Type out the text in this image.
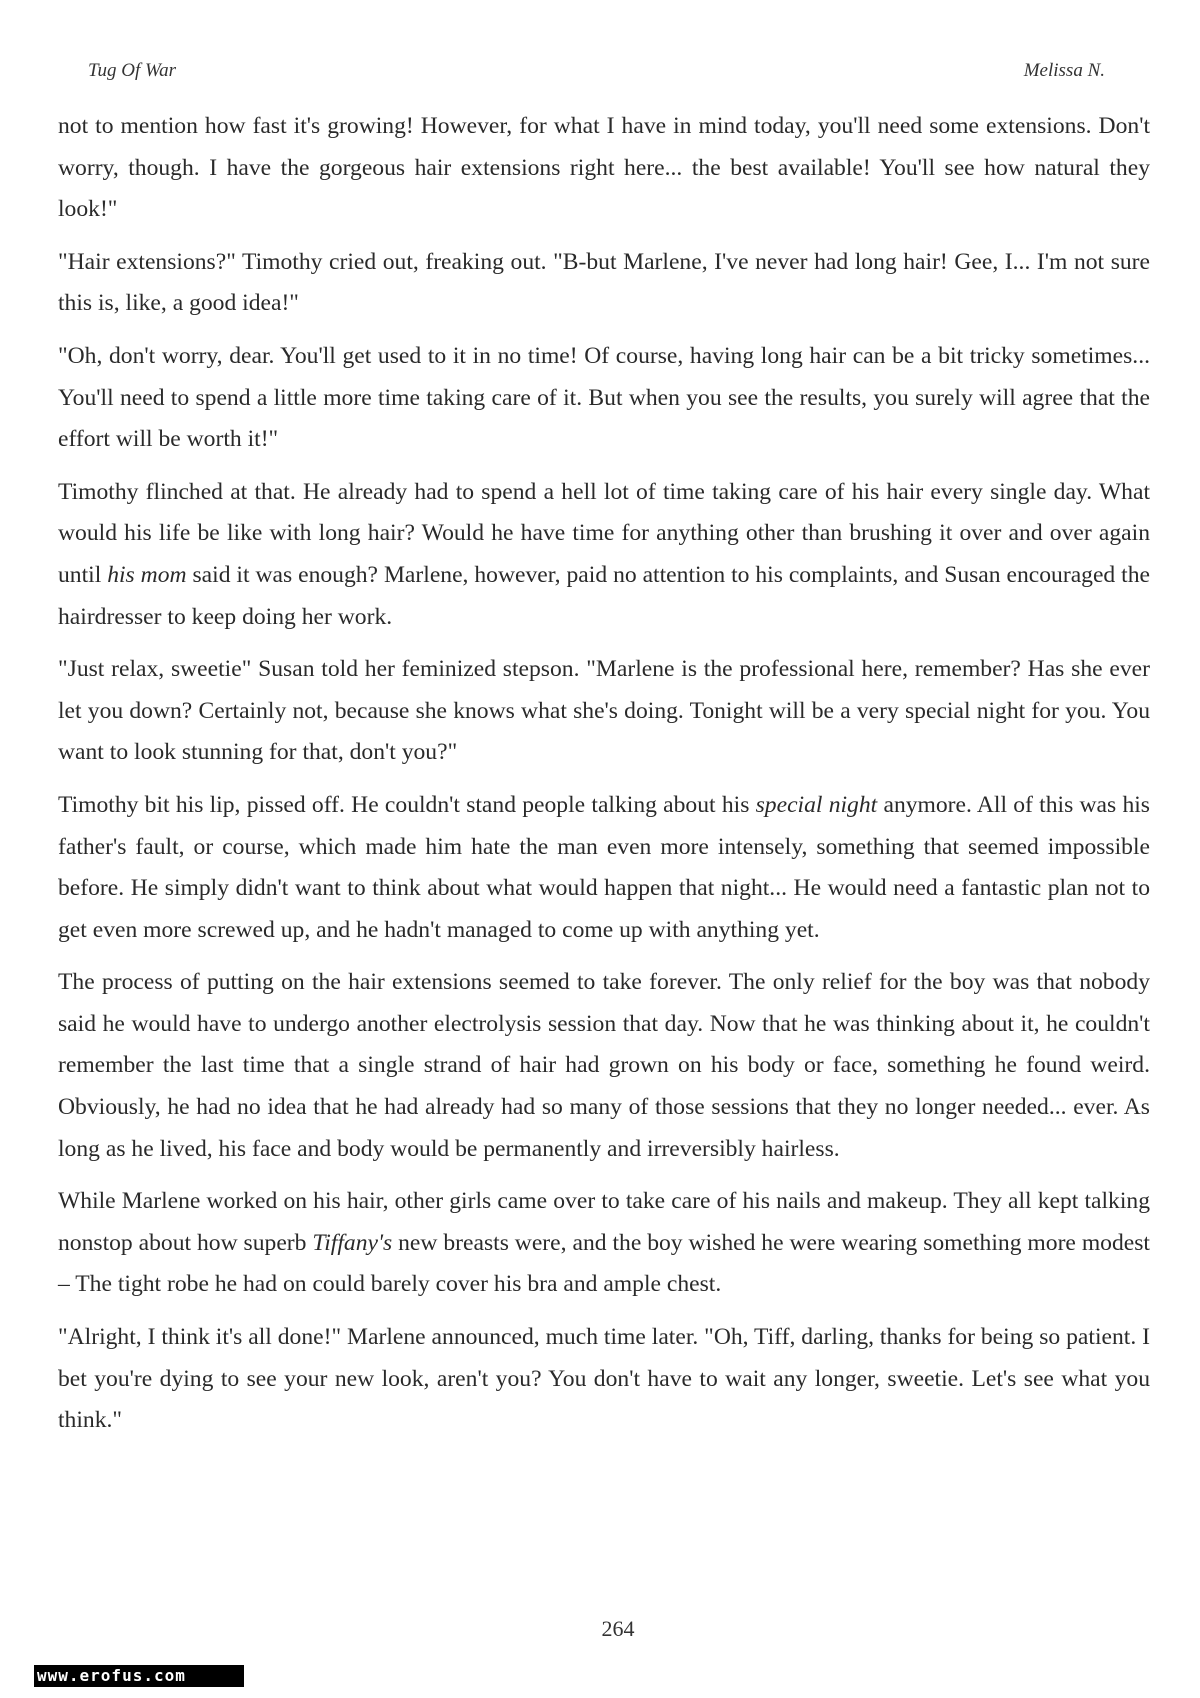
Tug Of War	Melissa N.

not to mention how fast it's growing! However, for what I have in mind today, you'll need some extensions. Don't worry, though. I have the gorgeous hair extensions right here... the best available! You'll see how natural they look!"

"Hair extensions?" Timothy cried out, freaking out. "B-but Marlene, I've never had long hair! Gee, I... I'm not sure this is, like, a good idea!"

"Oh, don't worry, dear. You'll get used to it in no time! Of course, having long hair can be a bit tricky sometimes... You'll need to spend a little more time taking care of it. But when you see the results, you surely will agree that the effort will be worth it!"

Timothy flinched at that. He already had to spend a hell lot of time taking care of his hair every single day. What would his life be like with long hair? Would he have time for anything other than brushing it over and over again until his mom said it was enough? Marlene, however, paid no attention to his complaints, and Susan encouraged the hairdresser to keep doing her work.

"Just relax, sweetie" Susan told her feminized stepson. "Marlene is the professional here, remember? Has she ever let you down? Certainly not, because she knows what she's doing. Tonight will be a very special night for you. You want to look stunning for that, don't you?"

Timothy bit his lip, pissed off. He couldn't stand people talking about his special night anymore. All of this was his father's fault, or course, which made him hate the man even more intensely, something that seemed impossible before. He simply didn't want to think about what would happen that night... He would need a fantastic plan not to get even more screwed up, and he hadn't managed to come up with anything yet.

The process of putting on the hair extensions seemed to take forever. The only relief for the boy was that nobody said he would have to undergo another electrolysis session that day. Now that he was thinking about it, he couldn't remember the last time that a single strand of hair had grown on his body or face, something he found weird. Obviously, he had no idea that he had already had so many of those sessions that they no longer needed... ever. As long as he lived, his face and body would be permanently and irreversibly hairless.

While Marlene worked on his hair, other girls came over to take care of his nails and makeup. They all kept talking nonstop about how superb Tiffany's new breasts were, and the boy wished he were wearing something more modest – The tight robe he had on could barely cover his bra and ample chest.

"Alright, I think it's all done!" Marlene announced, much time later. "Oh, Tiff, darling, thanks for being so patient. I bet you're dying to see your new look, aren't you? You don't have to wait any longer, sweetie. Let's see what you think."

264
www.erofus.com
